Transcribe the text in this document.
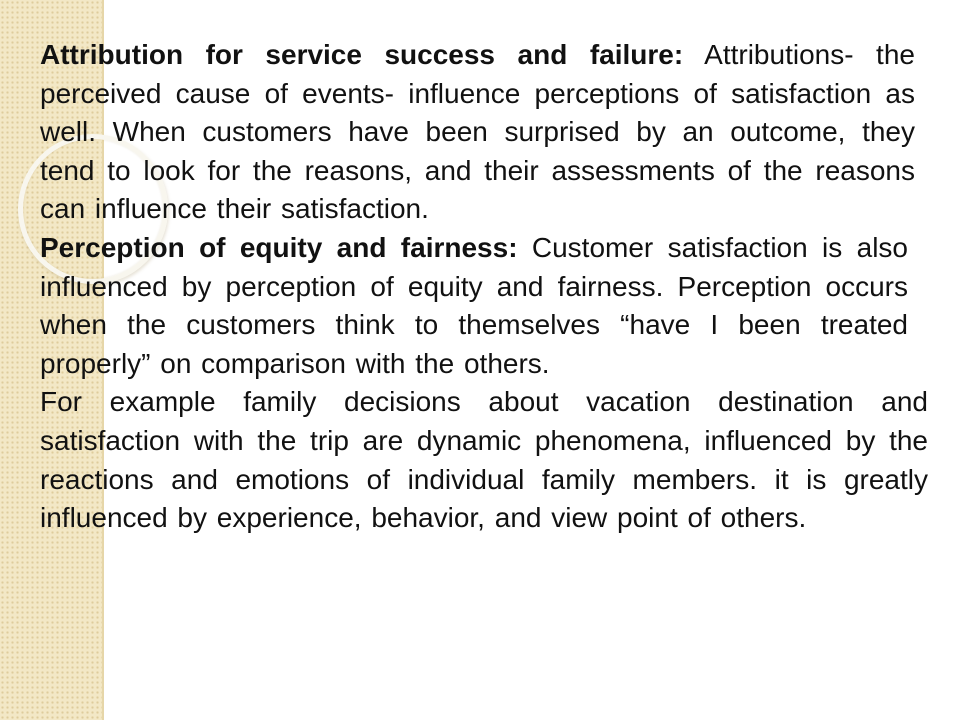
Attribution for service success and failure: Attributions- the perceived cause of events- influence perceptions of satisfaction as well. When customers have been surprised by an outcome, they tend to look for the reasons, and their assessments of the reasons can influence their satisfaction.

Perception of equity and fairness: Customer satisfaction is also influenced by perception of equity and fairness. Perception occurs when the customers think to themselves “have I been treated properly” on comparison with the others.

For example family decisions about vacation destination and satisfaction with the trip are dynamic phenomena, influenced by the reactions and emotions of individual family members. it is greatly influenced by experience, behavior, and view point of others.
